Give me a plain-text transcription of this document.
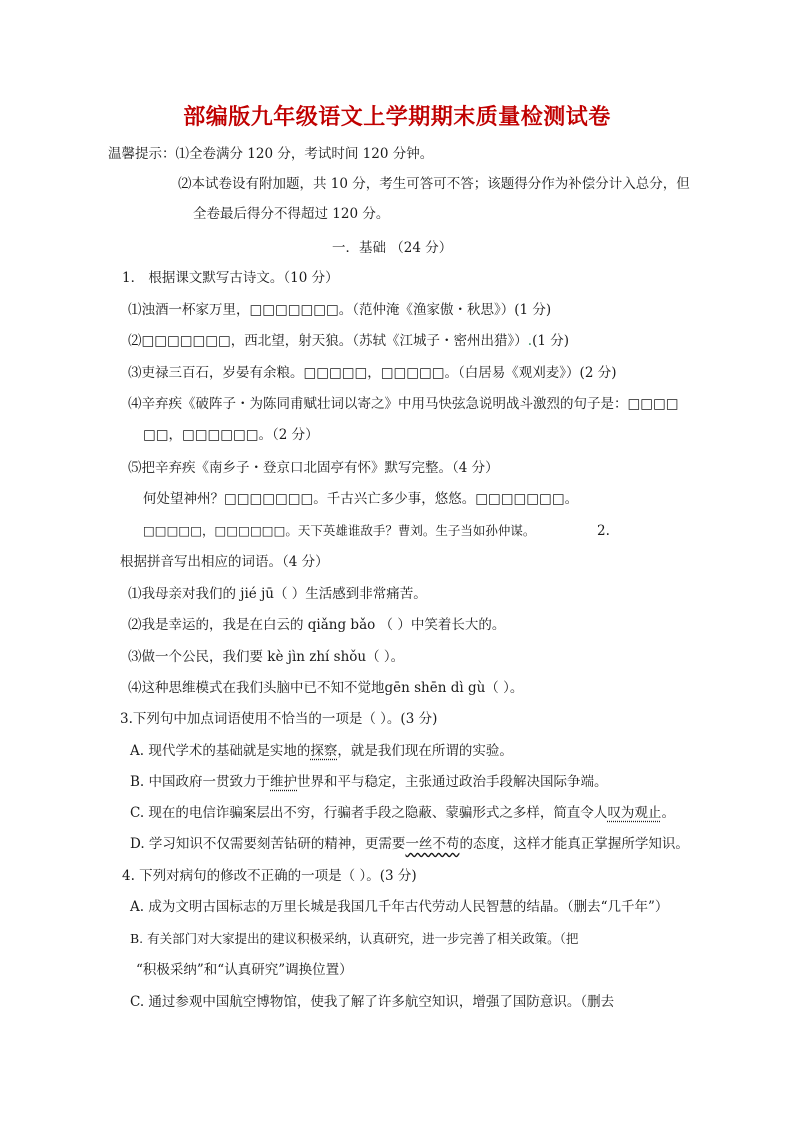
部编版九年级语文上学期期末质量检测试卷
温馨提示：⑴全卷满分 120 分，考试时间 120 分钟。
⑵本试卷设有附加题，共 10 分，考生可答可不答；该题得分作为补偿分计入总分，但
全卷最后得分不得超过 120 分。
一．基础 （24 分）
1． 根据课文默写古诗文。（10 分）
⑴浊酒一杯家万里，□□□□□□□。（范仲淹《渔家傲・秋思》）(1 分)
⑵□□□□□□□，西北望，射天狼。（苏轼《江城子・密州出猎》）.(1 分)
⑶吏禄三百石，岁晏有余粮。□□□□□，□□□□□。（白居易《观刈麦》）(2 分)
⑷辛弃疾《破阵子・为陈同甫赋壮词以寄之》中用马快弦急说明战斗激烈的句子是：□□□□
□□，□□□□□□。（2 分）
⑸把辛弃疾《南乡子・登京口北固亭有怀》默写完整。（4 分）
何处望神州？□□□□□□□。千古兴亡多少事，悠悠。□□□□□□□。
□□□□□，□□□□□□。天下英雄谁敌手？曹刘。生子当如孙仲谋。	2.
根据拼音写出相应的词语。（4 分）
⑴我母亲对我们的 jié jū（ ）生活感到非常痛苦。
⑵我是幸运的，我是在白云的 qiǎng bǎo （ ）中笑着长大的。
⑶做一个公民，我们要 kè jìn zhí shǒu（ ）。
⑷这种思维模式在我们头脑中已不知不觉地gēn shēn dì gù（ ）。
3.下列句中加点词语使用不恰当的一项是（ ）。(3 分)
A. 现代学术的基础就是实地的探察，就是我们现在所谓的实验。
B. 中国政府一贯致力于维护世界和平与稳定，主张通过政治手段解决国际争端。
C. 现在的电信诈骗案层出不穷，行骗者手段之隐蔽、蒙骗形式之多样，简直令人叹为观止。
D. 学习知识不仅需要刻苦钻研的精神，更需要一丝不苟的态度，这样才能真正掌握所学知识。
4. 下列对病句的修改不正确的一项是（ ）。(3 分)
A. 成为文明古国标志的万里长城是我国几千年古代劳动人民智慧的结晶。（删去“几千年”）
B. 有关部门对大家提出的建议积极采纳，认真研究，进一步完善了相关政策。（把
“积极采纳”和“认真研究”调换位置）
C. 通过参观中国航空博物馆，使我了解了许多航空知识，增强了国防意识。（删去
